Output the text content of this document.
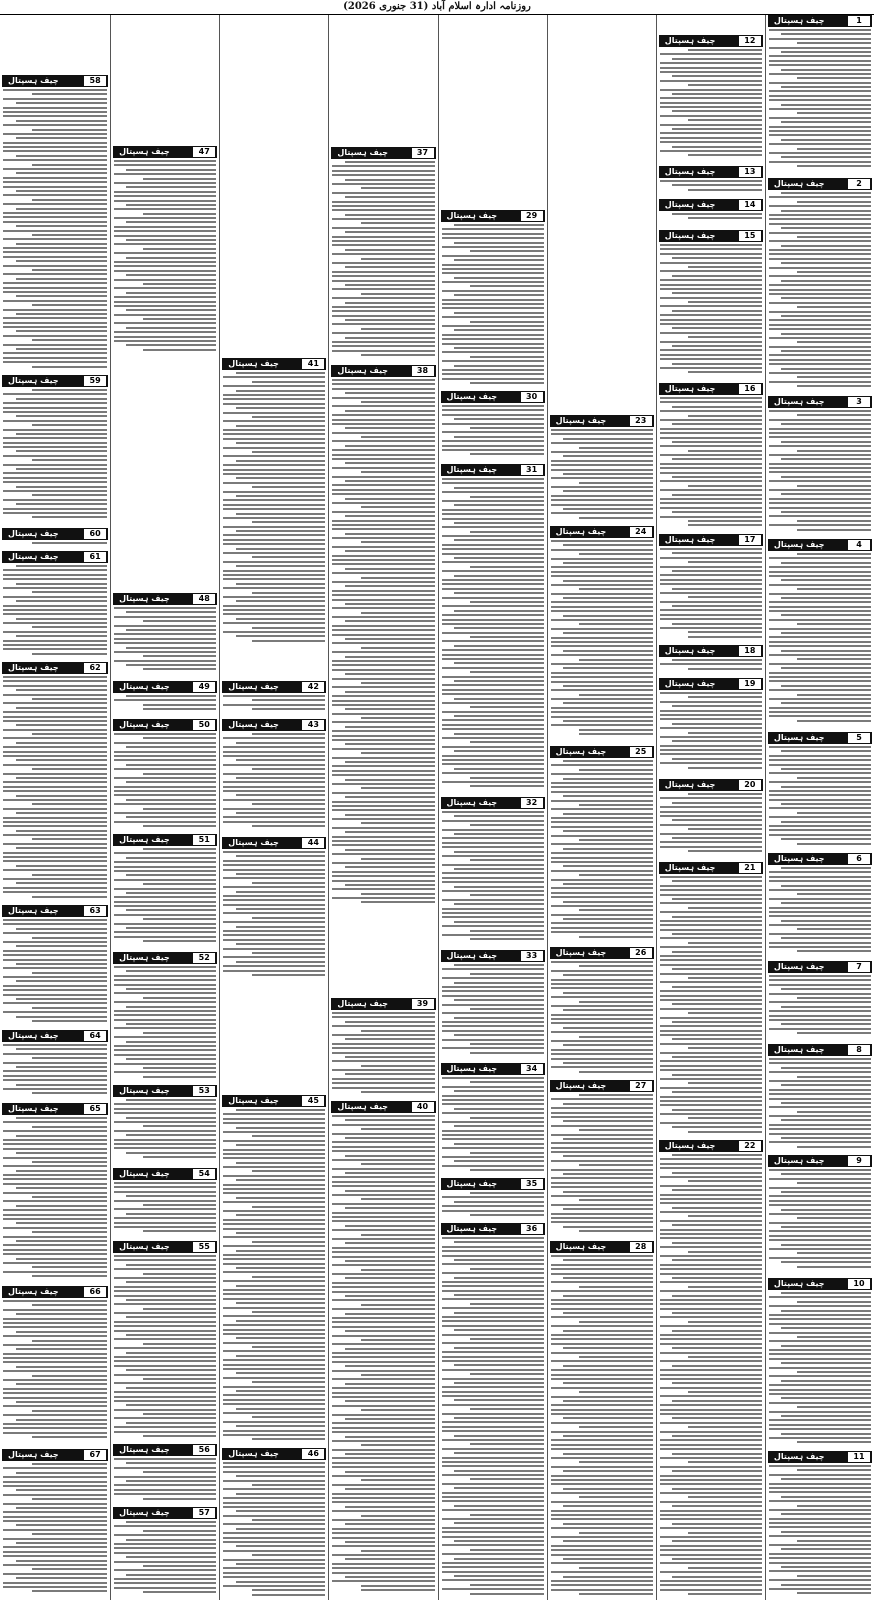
روزنامہ ادارہ اسلام آباد (31 جنوری 2026)
1
چیف ہسپتال
2
چیف ہسپتال
3
چیف ہسپتال
4
چیف ہسپتال
5
چیف ہسپتال
6
چیف ہسپتال
7
چیف ہسپتال
8
چیف ہسپتال
9
چیف ہسپتال
10
چیف ہسپتال
11
چیف ہسپتال
12
چیف ہسپتال
13
چیف ہسپتال
14
چیف ہسپتال
15
چیف ہسپتال
16
چیف ہسپتال
17
چیف ہسپتال
18
چیف ہسپتال
19
چیف ہسپتال
20
چیف ہسپتال
21
چیف ہسپتال
22
چیف ہسپتال
23
چیف ہسپتال
24
چیف ہسپتال
25
چیف ہسپتال
26
چیف ہسپتال
27
چیف ہسپتال
28
چیف ہسپتال
29
چیف ہسپتال
30
چیف ہسپتال
31
چیف ہسپتال
32
چیف ہسپتال
33
چیف ہسپتال
34
چیف ہسپتال
35
چیف ہسپتال
36
چیف ہسپتال
37
چیف ہسپتال
38
چیف ہسپتال
39
چیف ہسپتال
40
چیف ہسپتال
41
چیف ہسپتال
42
چیف ہسپتال
43
چیف ہسپتال
44
چیف ہسپتال
45
چیف ہسپتال
46
چیف ہسپتال
47
چیف ہسپتال
48
چیف ہسپتال
49
چیف ہسپتال
50
چیف ہسپتال
51
چیف ہسپتال
52
چیف ہسپتال
53
چیف ہسپتال
54
چیف ہسپتال
55
چیف ہسپتال
56
چیف ہسپتال
57
چیف ہسپتال
58
چیف ہسپتال
59
چیف ہسپتال
60
چیف ہسپتال
61
چیف ہسپتال
62
چیف ہسپتال
63
چیف ہسپتال
64
چیف ہسپتال
65
چیف ہسپتال
66
چیف ہسپتال
67
چیف ہسپتال
